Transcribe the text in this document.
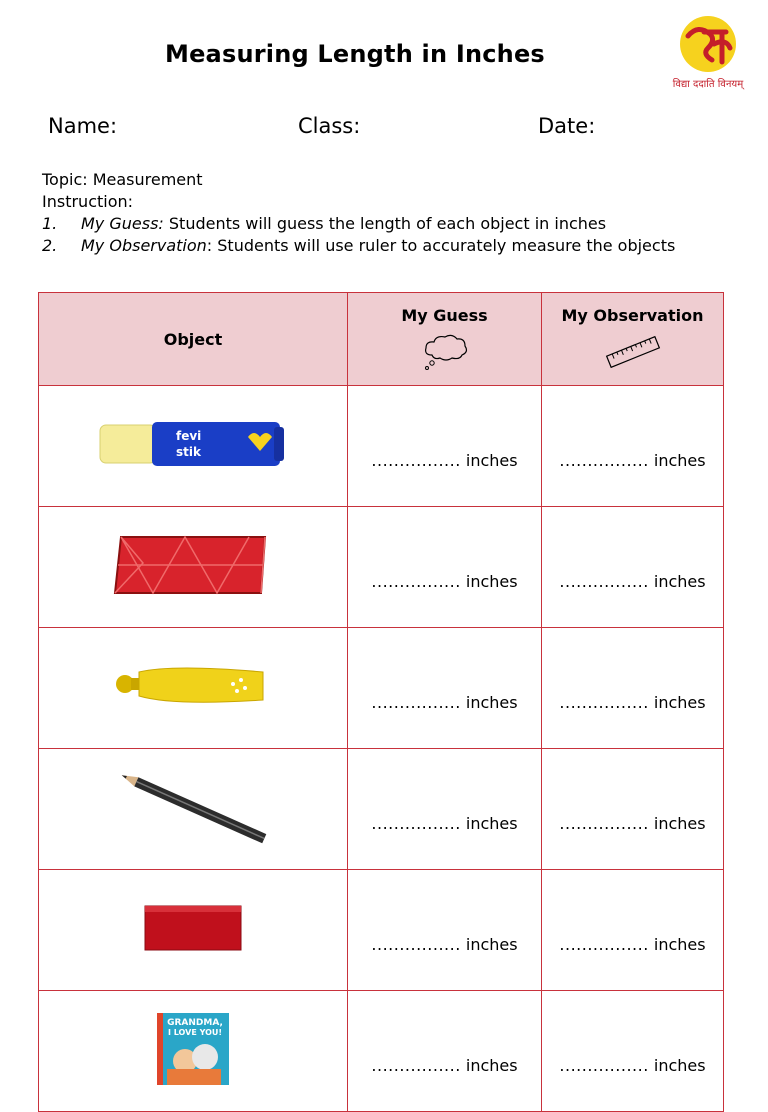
Measuring Length in Inches
विद्या ददाति विनयम्
Name:	Class:	Date:
Topic: Measurement
Instruction:
1.	My Guess: Students will guess the length of each object in inches
2.	My Observation: Students will use ruler to accurately measure the objects
Object	My Guess	My Observation

fevi
stik	................ inches	................ inches
	................ inches	................ inches
	................ inches	................ inches
	................ inches	................ inches
	................ inches	................ inches

GRANDMA,
I LOVE YOU!	................ inches	................ inches
